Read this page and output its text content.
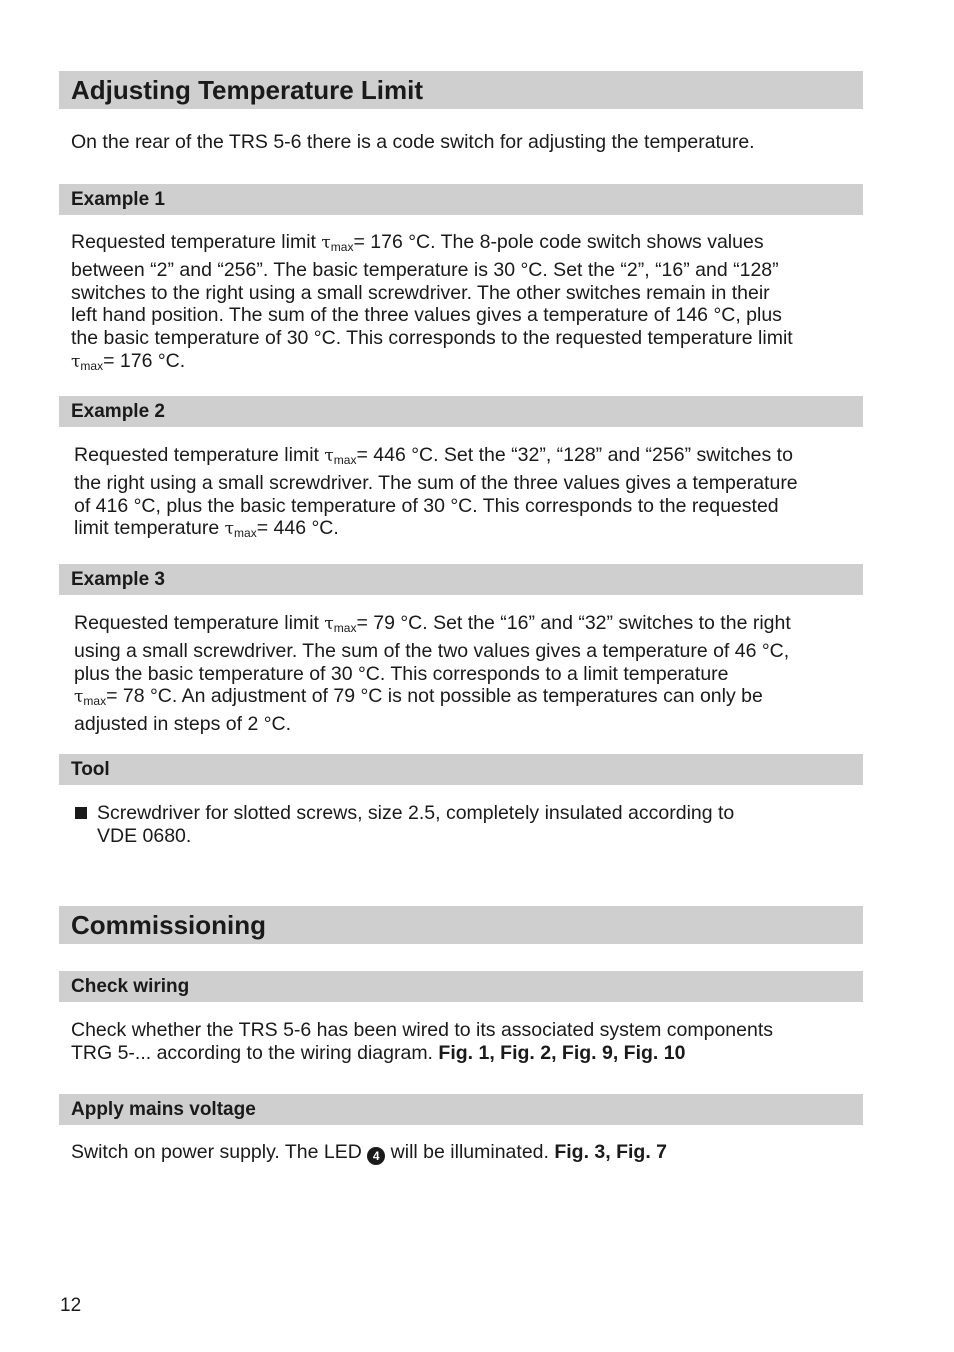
Adjusting Temperature Limit
On the rear of the TRS 5-6 there is a code switch for adjusting the temperature.
Example 1
Requested temperature limit $\tau_{max}= 176$ °C. The 8-pole code switch shows values
between “2” and “256”. The basic temperature is 30 °C. Set the “2”, “16” and “128”
switches to the right using a small screwdriver. The other switches remain in their
left hand position. The sum of the three values gives a temperature of 146 °C, plus
the basic temperature of 30 °C. This corresponds to the requested temperature limit
$\tau_{max}= 176$ °C.
Example 2
Requested temperature limit $\tau_{max}= 446$ °C. Set the “32”, “128” and “256” switches to
the right using a small screwdriver. The sum of the three values gives a temperature
of 416 °C, plus the basic temperature of 30 °C. This corresponds to the requested
limit temperature $\tau_{max}= 446$ °C.
Example 3
Requested temperature limit $\tau_{max}= 79$ °C. Set the “16” and “32” switches to the right
using a small screwdriver. The sum of the two values gives a temperature of 46 °C,
plus the basic temperature of 30 °C. This corresponds to a limit temperature
$\tau_{max}= 78$ °C. An adjustment of 79 °C is not possible as temperatures can only be
adjusted in steps of 2 °C.
Tool
Screwdriver for slotted screws, size 2.5, completely insulated according to
VDE 0680.
Commissioning
Check wiring
Check whether the TRS 5-6 has been wired to its associated system components
TRG 5-... according to the wiring diagram. Fig. 1, Fig. 2, Fig. 9, Fig. 10
Apply mains voltage
Switch on power supply. The LED 4 will be illuminated. Fig. 3, Fig. 7
12
